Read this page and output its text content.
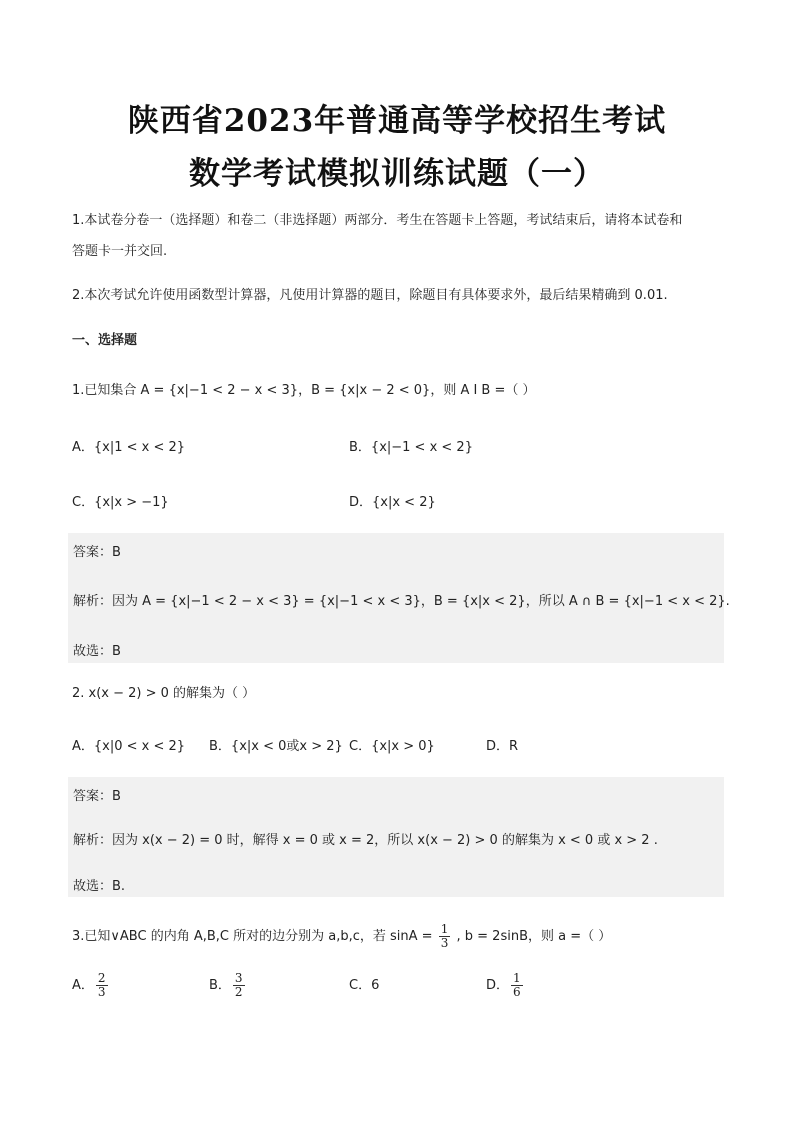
陕西省2023年普通高等学校招生考试
数学考试模拟训练试题（一）
1.本试卷分卷一（选择题）和卷二（非选择题）两部分．考生在答题卡上答题，考试结束后，请将本试卷和
答题卡一并交回.
2.本次考试允许使用函数型计算器，凡使用计算器的题目，除题目有具体要求外，最后结果精确到 0.01.
一、选择题
1.已知集合 A = {x|−1 < 2 − x < 3}，B = {x|x − 2 < 0}，则 A I B =（ ）
A．{x|1 < x < 2}	B．{x|−1 < x < 2}
C．{x|x > −1}	D．{x|x < 2}
答案：B
解析：因为 A = {x|−1 < 2 − x < 3} = {x|−1 < x < 3}，B = {x|x < 2}，所以 A ∩ B = {x|−1 < x < 2}.
故选：B
2. x(x − 2) > 0 的解集为（ ）
A．{x|0 < x < 2} B．{x|x < 0或x > 2} C．{x|x > 0}	D．R
答案：B
解析：因为 x(x − 2) = 0 时，解得 x = 0 或 x = 2，所以 x(x − 2) > 0 的解集为 x < 0 或 x > 2 .
故选：B.
3.已知∨ABC 的内角 A,B,C 所对的边分别为 a,b,c，若 $\sin A = \frac{1}{3}$ , b = 2sinB，则 a =（ ）
A． $\frac{2}{3}$	B． $\frac{3}{2}$	C．6	D． $\frac{1}{6}$
